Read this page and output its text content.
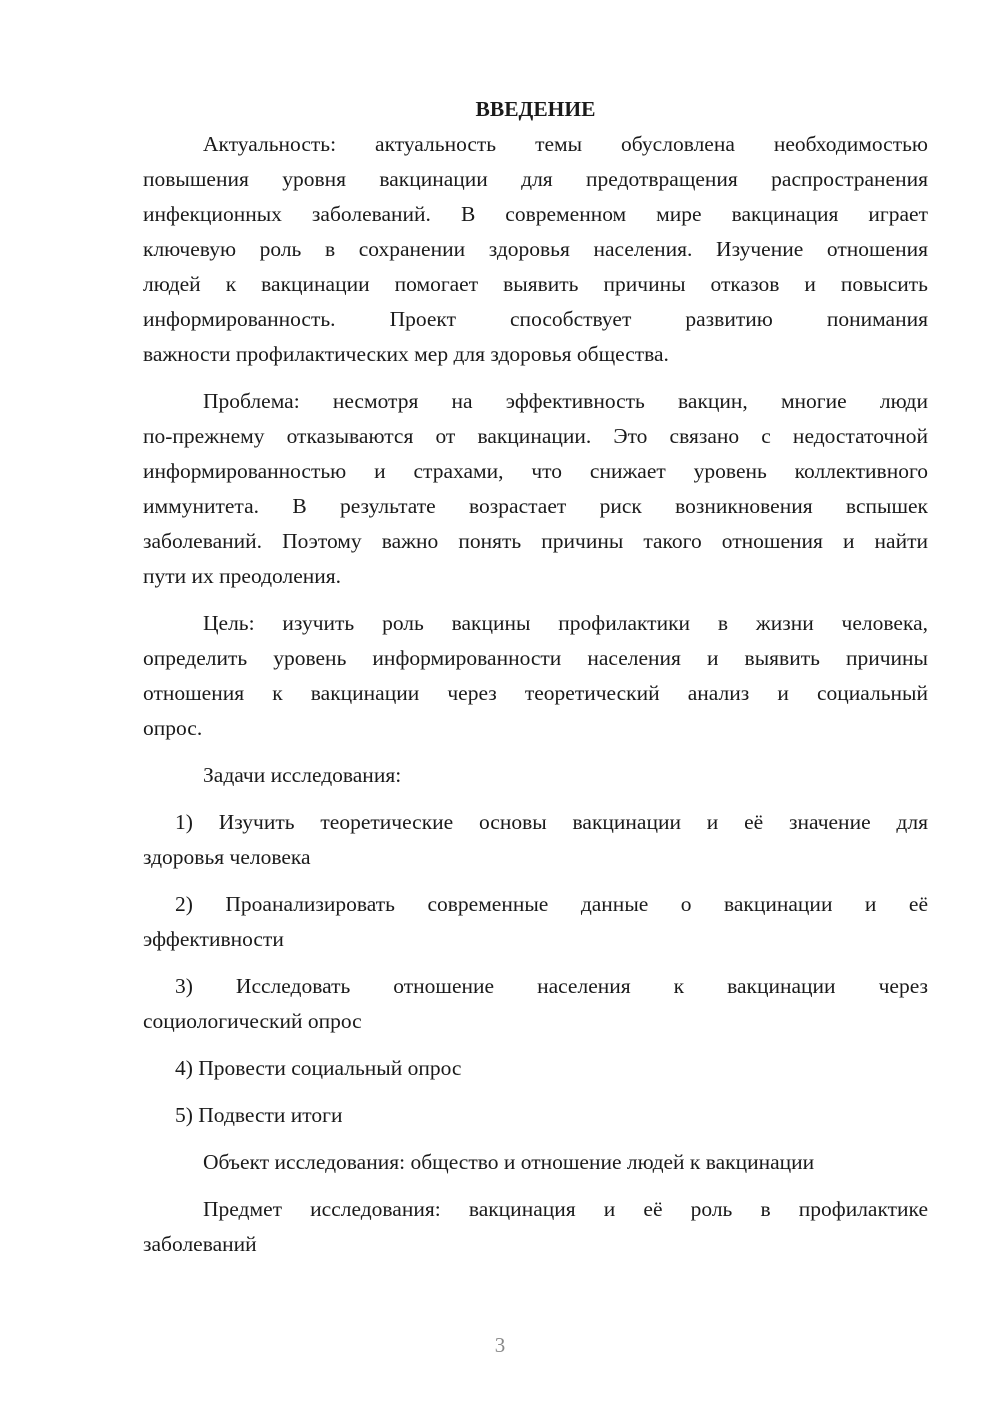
ВВЕДЕНИЕ
Актуальность: актуальность темы обусловлена необходимостью
повышения уровня вакцинации для предотвращения распространения
инфекционных заболеваний. В современном мире вакцинация играет
ключевую роль в сохранении здоровья населения. Изучение отношения
людей к вакцинации помогает выявить причины отказов и повысить
информированность. Проект способствует развитию понимания
важности профилактических мер для здоровья общества.
Проблема: несмотря на эффективность вакцин, многие люди
по-прежнему отказываются от вакцинации. Это связано с недостаточной
информированностью и страхами, что снижает уровень коллективного
иммунитета. В результате возрастает риск возникновения вспышек
заболеваний. Поэтому важно понять причины такого отношения и найти
пути их преодоления.
Цель: изучить роль вакцины профилактики в жизни человека,
определить уровень информированности населения и выявить причины
отношения к вакцинации через теоретический анализ и социальный
опрос.
Задачи исследования:
1) Изучить теоретические основы вакцинации и её значение для
здоровья человека
2) Проанализировать современные данные о вакцинации и её
эффективности
3) Исследовать отношение населения к вакцинации через
социологический опрос
4) Провести социальный опрос
5) Подвести итоги
Объект исследования: общество и отношение людей к вакцинации
Предмет исследования: вакцинация и её роль в профилактике
заболеваний
3
